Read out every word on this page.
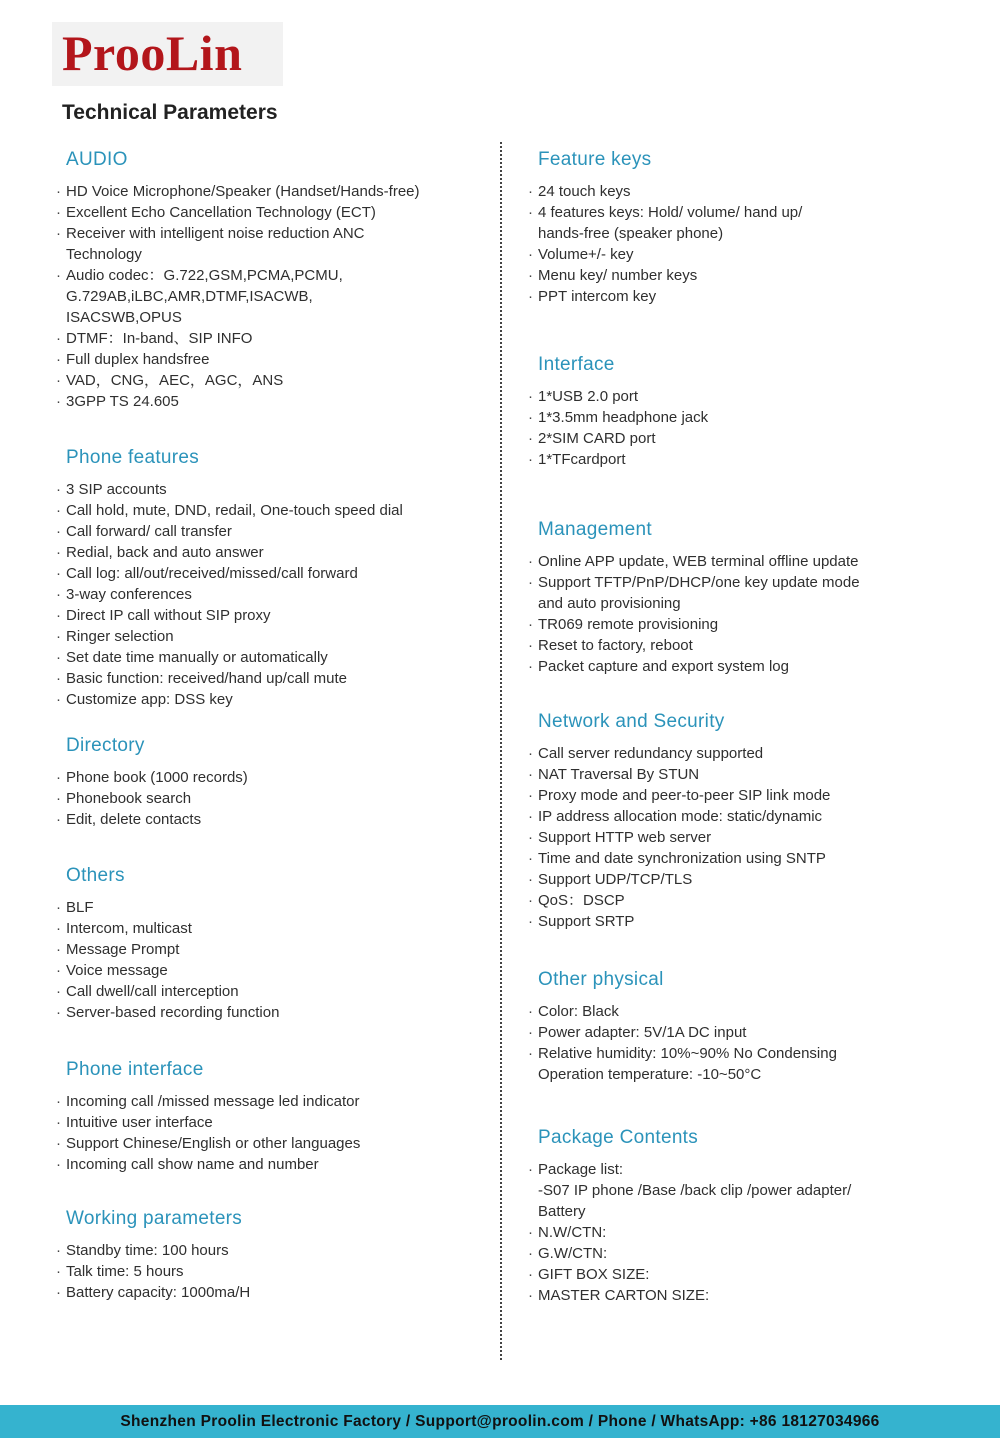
ProoLin
Technical Parameters
AUDIO
· HD Voice Microphone/Speaker (Handset/Hands-free)
· Excellent Echo Cancellation Technology (ECT)
· Receiver with intelligent noise reduction ANC
Technology
· Audio codec：G.722,GSM,PCMA,PCMU,
G.729AB,iLBC,AMR,DTMF,ISACWB,
ISACSWB,OPUS
· DTMF：In-band、SIP INFO
· Full duplex handsfree
· VAD，CNG，AEC，AGC，ANS
· 3GPP TS 24.605
Phone features
· 3 SIP accounts
· Call hold, mute, DND, redail, One-touch speed dial
· Call forward/ call transfer
· Redial, back and auto answer
· Call log: all/out/received/missed/call forward
· 3-way conferences
· Direct IP call without SIP proxy
· Ringer selection
· Set date time manually or automatically
· Basic function: received/hand up/call mute
· Customize app: DSS key
Directory
· Phone book (1000 records)
· Phonebook search
· Edit, delete contacts
Others
· BLF
· Intercom, multicast
· Message Prompt
· Voice message
· Call dwell/call interception
· Server-based recording function
Phone interface
· Incoming call /missed message led indicator
· Intuitive user interface
· Support Chinese/English or other languages
· Incoming call show name and number
Working parameters
· Standby time: 100 hours
· Talk time: 5 hours
· Battery capacity: 1000ma/H
Feature keys
· 24 touch keys
· 4 features keys: Hold/ volume/ hand up/
hands-free (speaker phone)
· Volume+/- key
· Menu key/ number keys
· PPT intercom key
Interface
· 1*USB 2.0 port
· 1*3.5mm headphone jack
· 2*SIM CARD port
· 1*TFcardport
Management
· Online APP update, WEB terminal offline update
· Support TFTP/PnP/DHCP/one key update mode
and auto provisioning
· TR069 remote provisioning
· Reset to factory, reboot
· Packet capture and export system log
Network and Security
· Call server redundancy supported
· NAT Traversal By STUN
· Proxy mode and peer-to-peer SIP link mode
· IP address allocation mode: static/dynamic
· Support HTTP web server
· Time and date synchronization using SNTP
· Support UDP/TCP/TLS
· QoS：DSCP
· Support SRTP
Other physical
· Color: Black
· Power adapter: 5V/1A DC input
· Relative humidity: 10%~90% No Condensing
Operation temperature: -10~50°C
Package Contents
· Package list:
-S07 IP phone /Base /back clip /power adapter/
Battery
· N.W/CTN:
· G.W/CTN:
· GIFT BOX SIZE:
· MASTER CARTON SIZE:
Shenzhen Proolin Electronic Factory / Support@proolin.com / Phone / WhatsApp: +86 18127034966
